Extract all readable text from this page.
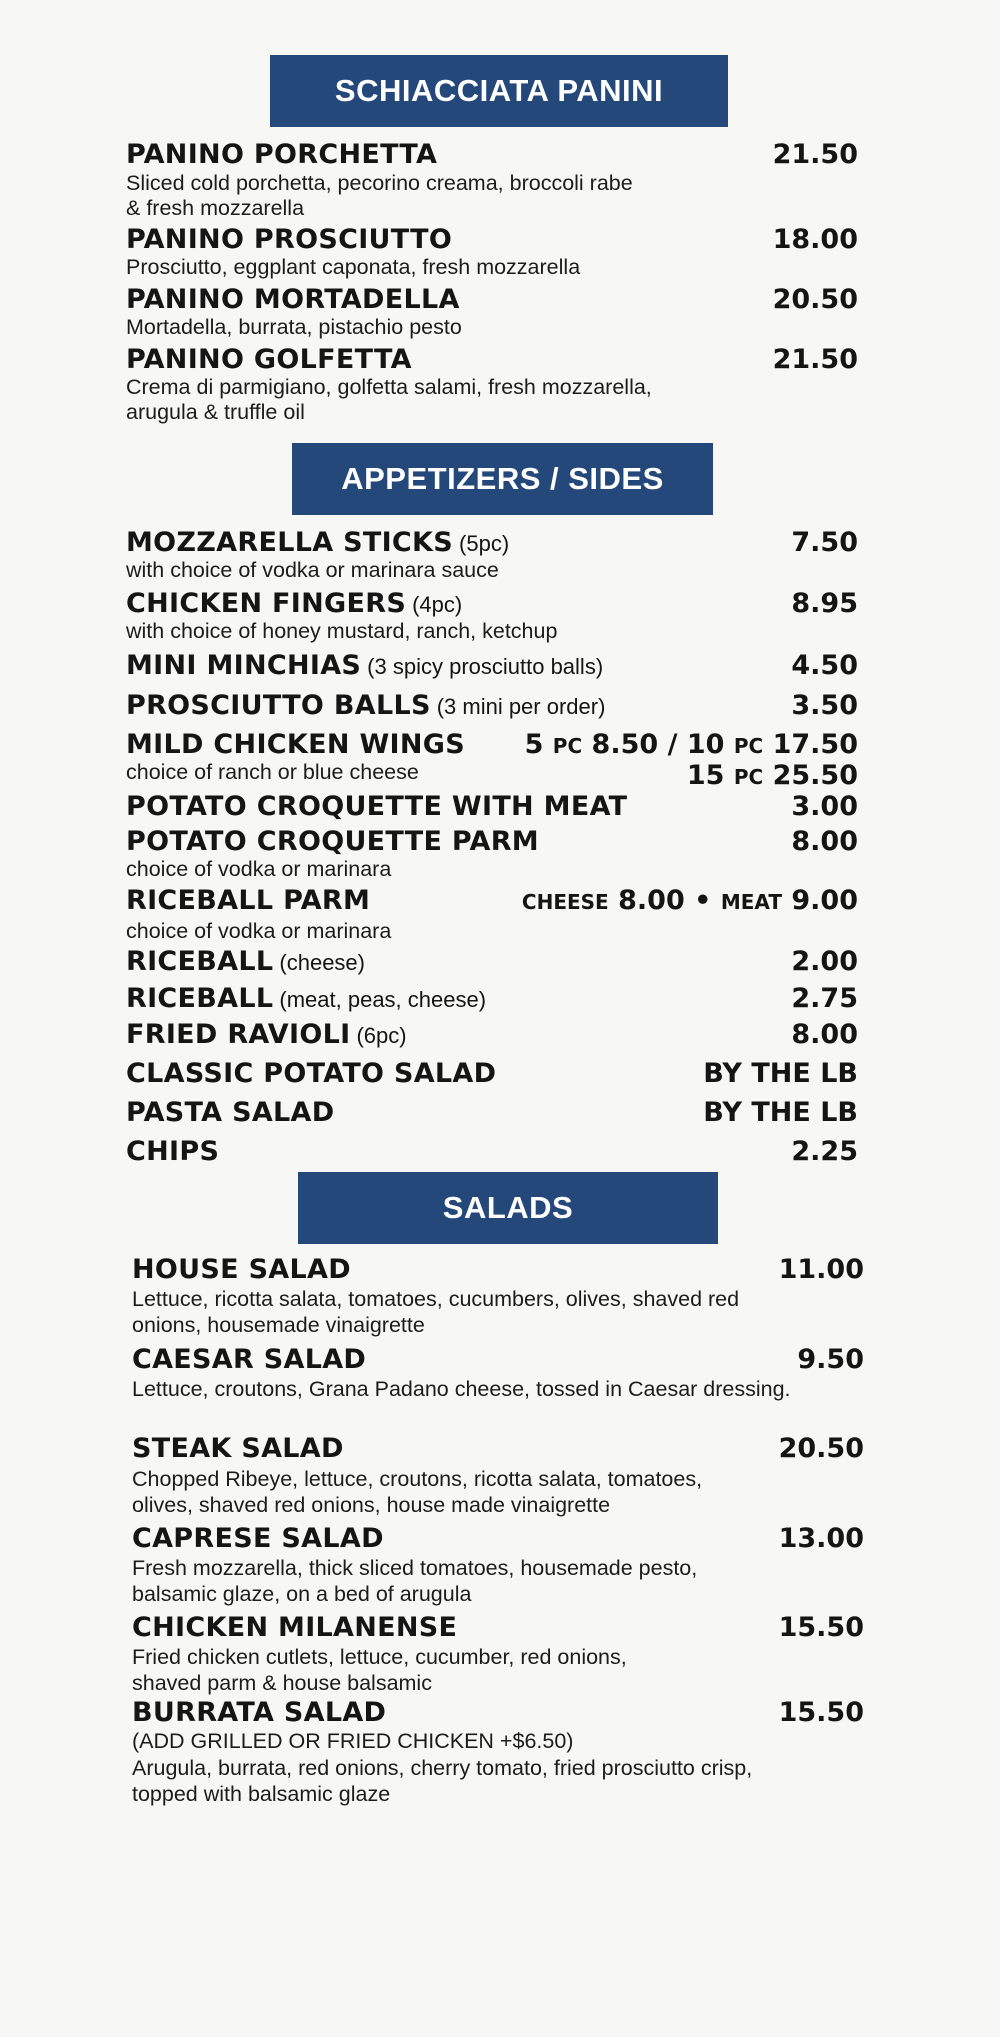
SCHIACCIATA PANINI
PANINO PORCHETTA	21.50
Sliced cold porchetta, pecorino creama, broccoli rabe
& fresh mozzarella
PANINO PROSCIUTTO	18.00
Prosciutto, eggplant caponata, fresh mozzarella
PANINO MORTADELLA	20.50
Mortadella, burrata, pistachio pesto
PANINO GOLFETTA	21.50
Crema di parmigiano, golfetta salami, fresh mozzarella,
arugula & truffle oil
APPETIZERS / SIDES
MOZZARELLA STICKS (5pc)	7.50
with choice of vodka or marinara sauce
CHICKEN FINGERS (4pc)	8.95
with choice of honey mustard, ranch, ketchup
MINI MINCHIAS (3 spicy prosciutto balls)	4.50
PROSCIUTTO BALLS (3 mini per order)	3.50
MILD CHICKEN WINGS 5 PC 8.50 / 10 PC 17.50
choice of ranch or blue cheese	15 PC 25.50
POTATO CROQUETTE WITH MEAT	3.00
POTATO CROQUETTE PARM	8.00
choice of vodka or marinara
RICEBALL PARM	CHEESE 8.00 • MEAT 9.00
choice of vodka or marinara
RICEBALL (cheese)	2.00
RICEBALL (meat, peas, cheese)	2.75
FRIED RAVIOLI (6pc)	8.00
CLASSIC POTATO SALAD	BY THE LB
PASTA SALAD	BY THE LB
CHIPS	2.25
SALADS
HOUSE SALAD	11.00
Lettuce, ricotta salata, tomatoes, cucumbers, olives, shaved red
onions, housemade vinaigrette
CAESAR SALAD	9.50
Lettuce, croutons, Grana Padano cheese, tossed in Caesar dressing.
STEAK SALAD	20.50
Chopped Ribeye, lettuce, croutons, ricotta salata, tomatoes,
olives, shaved red onions, house made vinaigrette
CAPRESE SALAD	13.00
Fresh mozzarella, thick sliced tomatoes, housemade pesto,
balsamic glaze, on a bed of arugula
CHICKEN MILANENSE	15.50
Fried chicken cutlets, lettuce, cucumber, red onions,
shaved parm & house balsamic
BURRATA SALAD	15.50
(ADD GRILLED OR FRIED CHICKEN +$6.50)
Arugula, burrata, red onions, cherry tomato, fried prosciutto crisp,
topped with balsamic glaze
